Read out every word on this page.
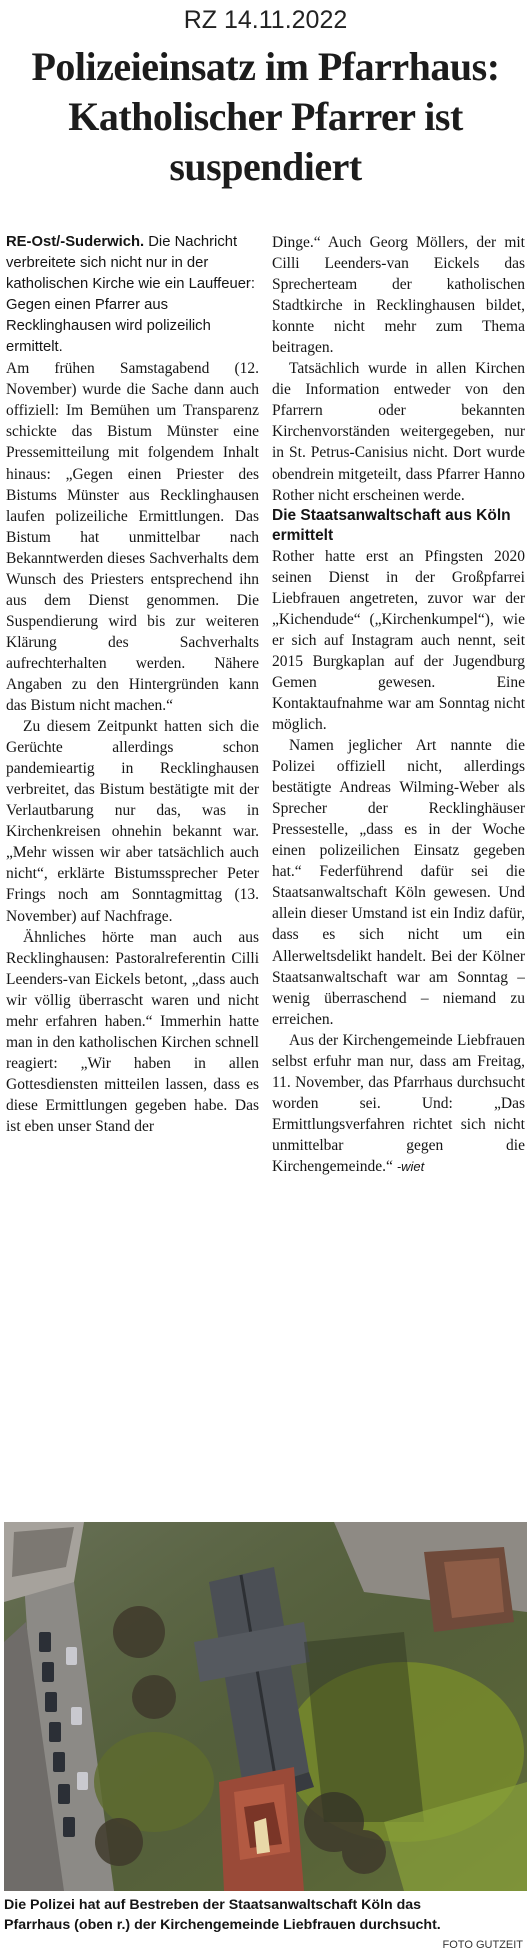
RZ 14.11.2022
Polizeieinsatz im Pfarrhaus: Katholischer Pfarrer ist suspendiert

RE-Ost/-Suderwich. Die Nachricht verbreitete sich nicht nur in der katholischen Kirche wie ein Lauffeuer: Gegen einen Pfarrer aus Recklinghausen wird polizeilich ermittelt.

Am frühen Samstagabend (12. November) wurde die Sache dann auch offiziell: Im Bemühen um Transparenz schickte das Bistum Münster eine Pressemitteilung mit folgendem Inhalt hinaus: „Gegen einen Priester des Bistums Münster aus Recklinghausen laufen polizeiliche Ermittlungen. Das Bistum hat unmittelbar nach Bekanntwerden dieses Sachverhalts dem Wunsch des Priesters entsprechend ihn aus dem Dienst genommen. Die Suspendierung wird bis zur weiteren Klärung des Sachverhalts aufrechterhalten werden. Nähere Angaben zu den Hintergründen kann das Bistum nicht machen.“

Zu diesem Zeitpunkt hatten sich die Gerüchte allerdings schon pandemieartig in Recklinghausen verbreitet, das Bistum bestätigte mit der Verlautbarung nur das, was in Kirchenkreisen ohnehin bekannt war. „Mehr wissen wir aber tatsächlich auch nicht“, erklärte Bistumssprecher Peter Frings noch am Sonntagmittag (13. November) auf Nachfrage.

Ähnliches hörte man auch aus Recklinghausen: Pastoralreferentin Cilli Leenders-van Eickels betont, „dass auch wir völlig überrascht waren und nicht mehr erfahren haben.“ Immerhin hatte man in den katholischen Kirchen schnell reagiert: „Wir haben in allen Gottesdiensten mitteilen lassen, dass es diese Ermittlungen gegeben habe. Das ist eben unser Stand der

Dinge.“ Auch Georg Möllers, der mit Cilli Leenders-van Eickels das Sprecherteam der katholischen Stadtkirche in Recklinghausen bildet, konnte nicht mehr zum Thema beitragen.

Tatsächlich wurde in allen Kirchen die Information entweder von den Pfarrern oder bekannten Kirchenvorständen weitergegeben, nur in St. Petrus-Canisius nicht. Dort wurde obendrein mitgeteilt, dass Pfarrer Hanno Rother nicht erscheinen werde.

Die Staatsanwaltschaft aus Köln ermittelt

Rother hatte erst an Pfingsten 2020 seinen Dienst in der Großpfarrei Liebfrauen angetreten, zuvor war der „Kichendude“ („Kirchenkumpel“), wie er sich auf Instagram auch nennt, seit 2015 Burgkaplan auf der Jugendburg Gemen gewesen. Eine Kontaktaufnahme war am Sonntag nicht möglich.

Namen jeglicher Art nannte die Polizei offiziell nicht, allerdings bestätigte Andreas Wilming-Weber als Sprecher der Recklinghäuser Pressestelle, „dass es in der Woche einen polizeilichen Einsatz gegeben hat.“ Federführend dafür sei die Staatsanwaltschaft Köln gewesen. Und allein dieser Umstand ist ein Indiz dafür, dass es sich nicht um ein Allerweltsdelikt handelt. Bei der Kölner Staatsanwaltschaft war am Sonntag – wenig überraschend – niemand zu erreichen.

Aus der Kirchengemeinde Liebfrauen selbst erfuhr man nur, dass am Freitag, 11. November, das Pfarrhaus durchsucht worden sei. Und: „Das Ermittlungsverfahren richtet sich nicht unmittelbar gegen die Kirchengemeinde.“ -wiet

Die Polizei hat auf Bestreben der Staatsanwaltschaft Köln das Pfarrhaus (oben r.) der Kirchengemeinde Liebfrauen durchsucht.

FOTO GUTZEIT
